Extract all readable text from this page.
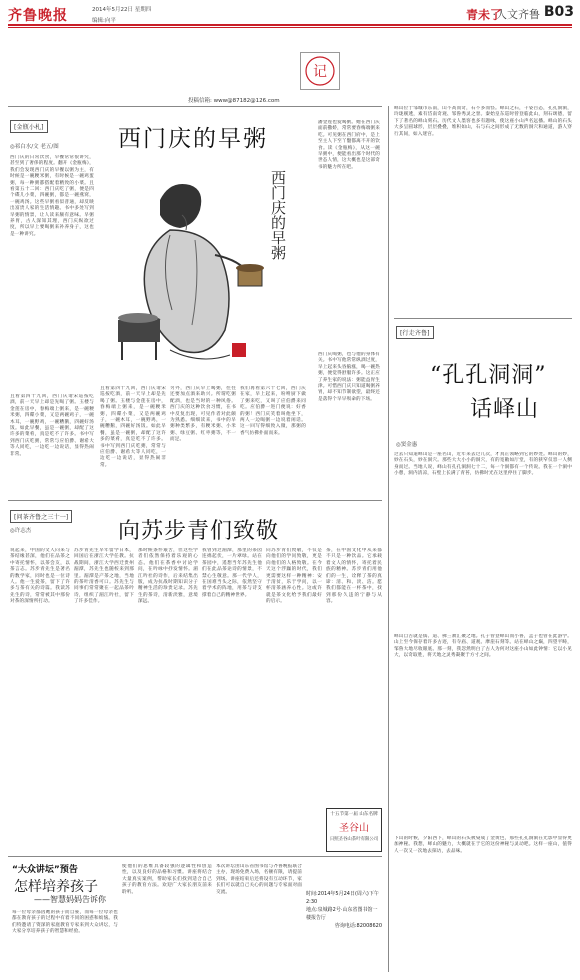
齐鲁晚报	2014年5月22日 星期四
编辑:向平	青未了
·人文齐鲁 B03
记
投稿信箱: www@87182@126.com
[金瓶小札]
◎祁白水/文 老五/图	西门庆的早粥
西门庆的日常饮食，早餐常常很讲究，甚至到了奢侈的程度。翻开《金瓶梅》，我们会发现西门庆的早餐以粥为主，有时候是一碗粳米粥，有时候是一碗鸡蛋粥，每一种粥都搭配着精致的小菜。且看第五十二回：西门庆吃了粥，便是四个碟儿小菜，四碗粥，都是一碗燕窝，一碗鸡汤。这些早粥看似普通，却反映出富贵人家的生活情趣。书中多处写到早粥的情景，让人读来颇有意味。早粥养胃，古人深知其理，西门庆纵欲过度，所以早上要喝粥来补养身子，这也是一种讲究。	西门庆的早粥
潘金莲也爱喝粥。她在西门庆面前撒娇，常常要春梅端粥来吃。可见粥在西门府中，是上至主人下至丫鬟都离不开的饮食。读《金瓶梅》，从这一碗早粥中，便能看出那个时代的世态人情，这大概也是这部奇书的魅力所在吧。
且看第四十九回，西门庆请宋巡按吃酒，前一天早上却是先喝了粥。玉楼与金莲在房中，春梅端上粥来，是一碗粳米粥，四碟小菜，又是两碗鸡子，一碗木耳，一碗野鸡，一碗糟鹅，四碗好汤饭。如此早餐，虽是一碗粥，却配了这许多的菜肴，真是吃不了许多。书中写到西门庆吃粥，常常与应伯爵、谢希大等人同吃，一边吃一边说话，显得热闹非常。
另外，西门庆早上喝粥，往往还要加点酒来助兴。所谓吃粥配酒，也是当时的一种风俗。西门庆的这种饮食习惯，在书中反复出现，可见作者对此颇为熟悉。细细读来，书中的早粥种类繁多，有粳米粥、小米粥、绿豆粥、红枣粥等，不一而足。
我们再看第六十七回，西门庆在家，早上起来，吩咐厨下做了粥来吃，又叫了应伯爵来同吃。应伯爵一进门便说：好香的粥！西门庆笑着叫他坐下，两人一边喝粥一边说着闲话。这一回写得细致入微，那粥的香气仿佛扑面而来。
西门庆喝粥，也与他的身体有关。书中写他常常纵酒过度，早上起来头昏脑涨，喝一碗热粥，便觉得舒服许多。这正应了养生家的说法：粥能益胃生津。可惜西门庆只知道喝粥养胃，却不知节制欲望，最终还是落得个早早殒命的下场。
且看第四十九回，西门庆请宋巡按吃酒，前一天早上却是先喝了粥。玉楼与金莲在房中，春梅端上粥来，是一碗粳米粥，四碟小菜，又是两碗鸡子，一碗木耳，一碗野鸡，一碗糟鹅，四碗好汤饭。如此早餐，虽是一碗粥，却配了这许多的菜肴，真是吃不了许多。书中写到西门庆吃粥，常常与应伯爵、谢希大等人同吃，一边吃一边说话，显得热闹非常。
[问茶齐鲁之三十一]
◎许志杰	向苏步青们致敬
说起来，中国的文人向来与茶结缘甚深，他们在品茶之中寄托情怀，以茶会友，以茶言志。苏步青先生是著名的数学家，同时也是一位诗人。他一生爱茶，留下了许多与茶有关的诗篇。我读苏先生的诗，常常被其中那份对茶的深情所打动。
苏步青先生早年留学日本，回国后在浙江大学任教。抗战期间，浙江大学西迁贵州湄潭，苏先生也随校来到那里。湄潭是产茶之地，当地的茶叶清香可口。苏先生与同事们常常聚在一起品茶吟诗，组织了湄江吟社，留下了许多佳作。
那时候条件艰苦，但这些学者们依然保持着乐观的心态。他们在茶香中讨论学问，在吟咏中抒发情怀。湄江吟社的诗作，后来结集出版，成为抗战时期知识分子精神生活的珍贵记录。苏先生的茶诗，清新淡雅，意境深远。
我曾到过湄潭，那里的茶园连绵起伏，一片翠绿。站在茶园中，遥想当年苏先生他们在此品茶论诗的情景，不禁心生敬意。那一代学人，在国难当头之际，依然坚守着学术的阵地，用茶与诗支撑着自己的精神世界。
向苏步青们致敬，不仅是向他们的学问致敬，更是向他们的人格致敬。在今天这个浮躁的时代，我们更需要这样一种精神：安于清贫，乐于学问，以一杯清茶涵养心性。这或许就是茶文化给予我们最好的启示。
茶，在中国文化中从来都不只是一种饮品。它承载着文人的情怀，寄托着民族的精神。苏步青们用他们的一生，诠释了茶的真谛：清、和、淡、洁。愿我们都能在一杯茶中，找到那份久违的宁静与从容。
十五节第一届 山东名牌
圣谷山
日照圣谷山茶叶有限公司
“大众讲坛”预告
怎样培养孩子
——智慧妈妈告诉你
每一位母亲都因她的孩子而自豪，而每一位母亲也都在教育孩子的过程中有着不同的困惑和烦恼。我们特邀请了资深的家庭教育专家来到大众讲坛，与大家分享培养孩子的智慧和经验。
使他们的思维具备较强的逻辑性和创造性，以及良好的品格和习惯。讲座将结合大量真实案例，帮助家长们找到适合自己孩子的教育方法。欢迎广大家长朋友前来聆听。
本次讲坛由山东省图书馆与齐鲁晚报联合主办，现场免费入场，名额有限，请提前到场。讲座结束后还将设有互动环节，家长们可以就自己关心的问题与专家面对面交流。	时间:2014年5月24日(周六)下午2:30
地点:泉城路2号·山东省图书馆一楼报告厅
咨询电话:82008620
峄山位于邹城市东南，山不高而奇，石不多而怪。峄山之石，千姿百态，孔孔洞洞，玲珑剔透，素有岱南奇观、邹鲁秀灵之誉。秦始皇东巡时曾登临此山，刻石颂德，留下了著名的峄山刻石。历代文人墨客也多有题咏，使这座小山声名远播。峄山的石头大多呈圆球形，层层叠叠，堆积如山，石与石之间形成了无数的洞穴和通道，游人穿行其间，如入迷宫。
[行走齐鲁]
“孔孔洞洞”
话峄山
◎窦金惠
过去只知道峄山是一座名山，近年来去过几次，才真正领略到它的妙处。峄山的妙，妙在石头，妙在洞穴。那些大大小小的洞穴，有的宽敞如厅堂，有的狭窄仅容一人侧身而过。当地人说，峄山有孔孔洞洞七十二，每一个洞都有一个传说。我在一个洞中小憩，洞内清凉，石壁上长满了青苔，仿佛时光在这里停住了脚步。
峄山自古就是儒、道、佛三教汇聚之地。孔子曾登峄山而小鲁，孟子也曾在此游学。山上至今保存着许多古迹，有寺庙、道观、摩崖石刻等。站在峄山之巅，四望平畴，邹鲁大地尽收眼底。那一刻，我忽然明白了古人为何对这座小山如此钟情：它以小见大，以奇取胜，将天地之灵秀凝聚于方寸之间。
下山的时候，夕阳西下，峄山的石头被染成了金黄色，那些孔孔洞洞在光影中显得更加神秘。我想，峄山的魅力，大概就在于它的这份神秘与灵动吧。这样一座山，值得人一次又一次地去探访，去品味。
